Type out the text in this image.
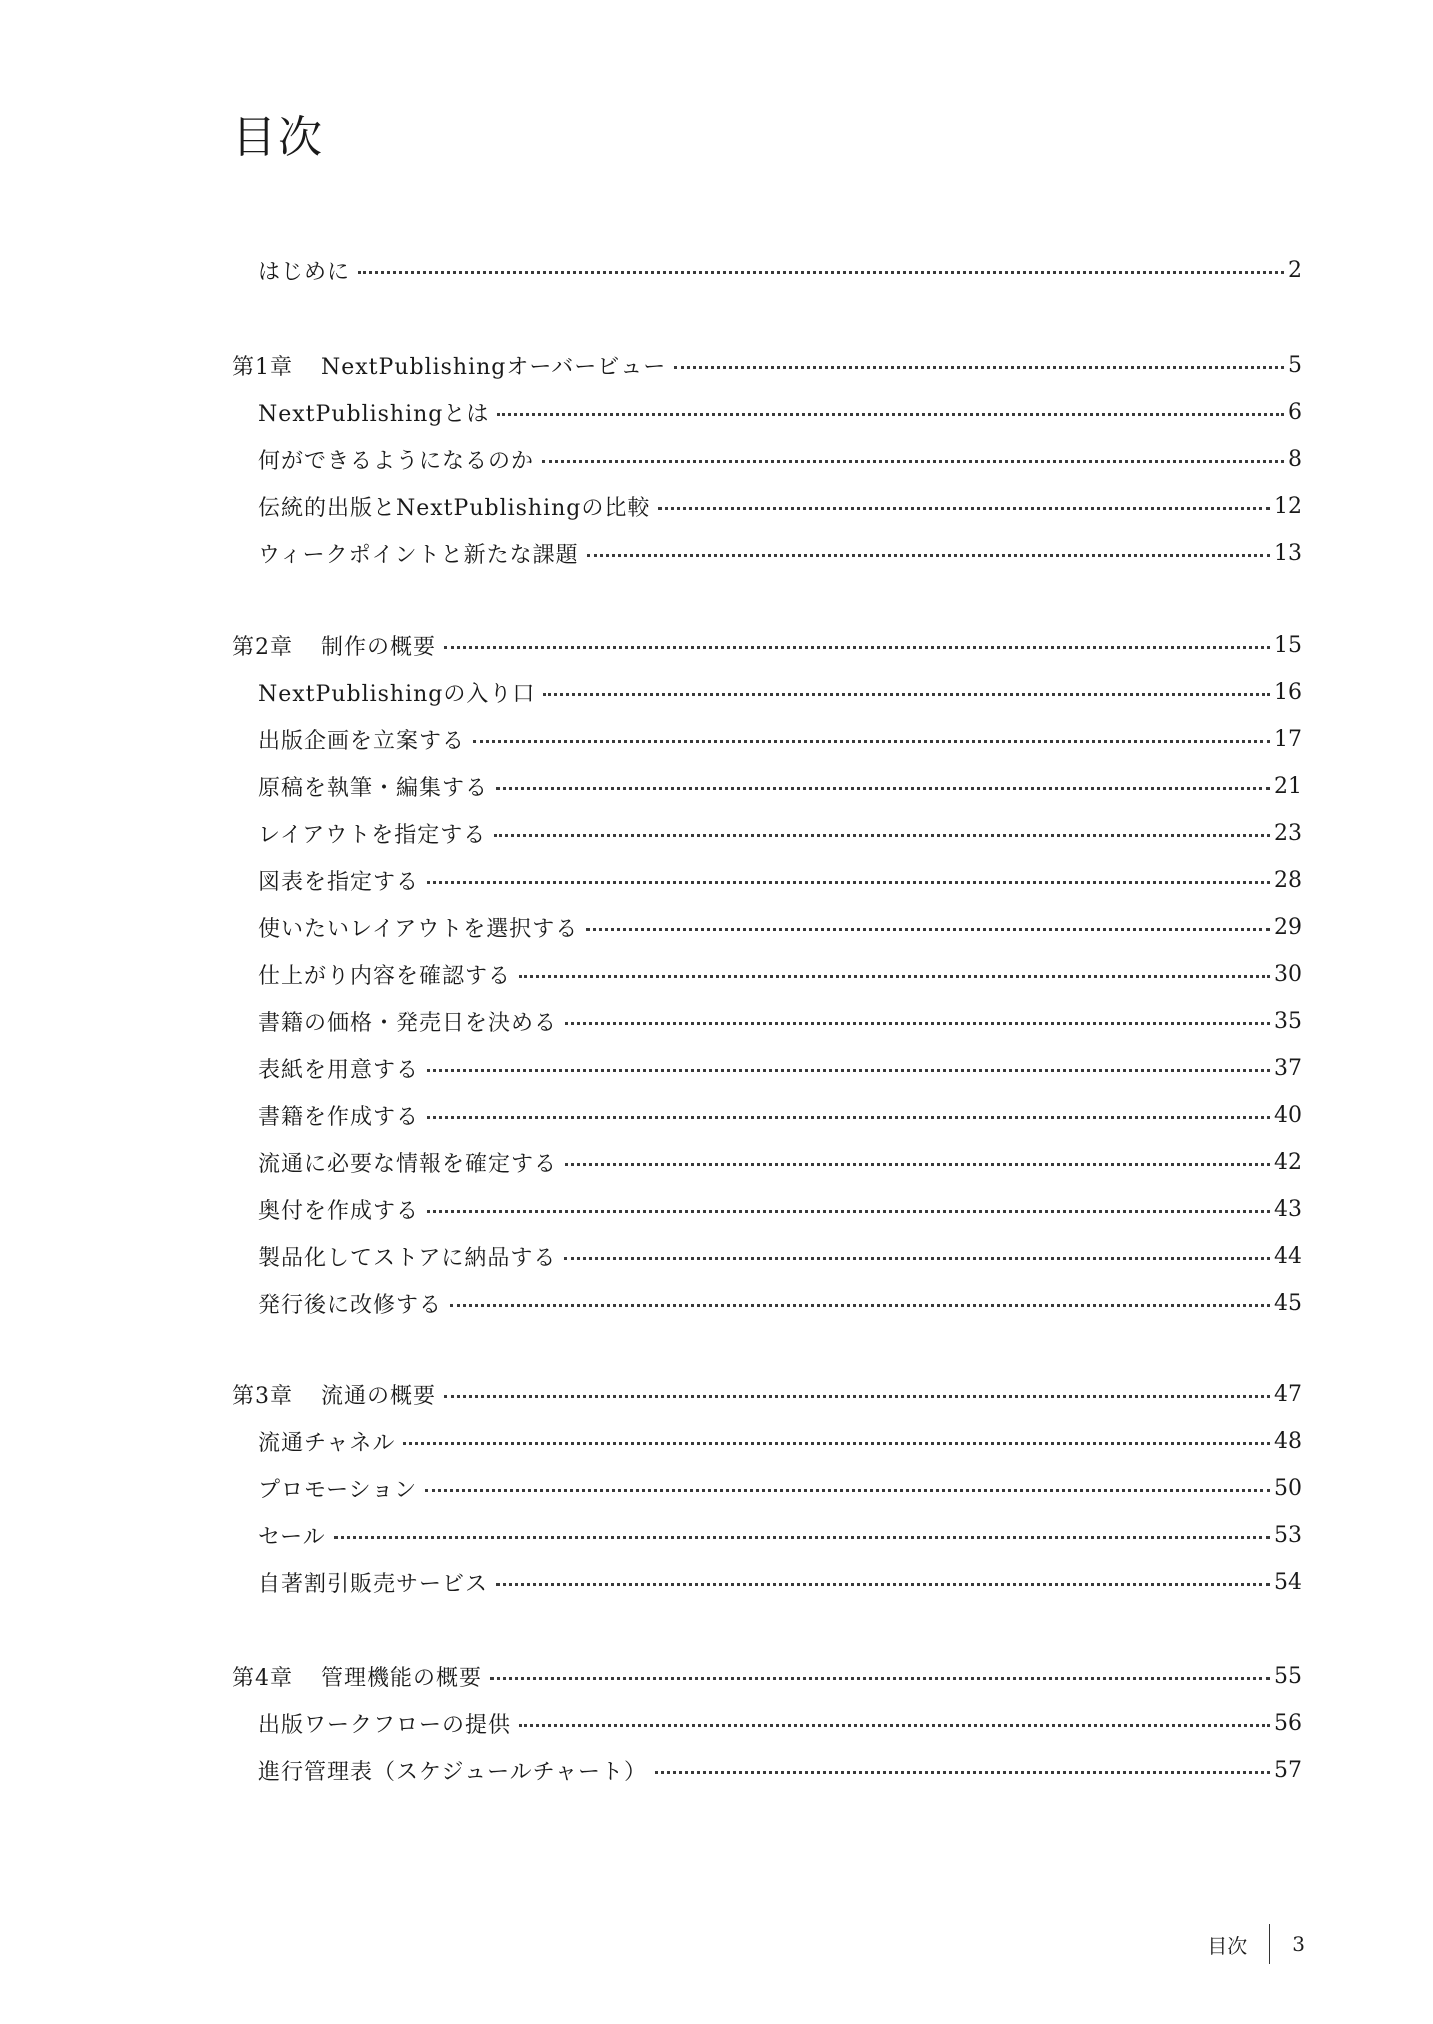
目次
はじめに	2
第1章 NextPublishingオーバービュー	5
NextPublishingとは	6
何ができるようになるのか	8
伝統的出版とNextPublishingの比較	12
ウィークポイントと新たな課題	13
第2章 制作の概要	15
NextPublishingの入り口	16
出版企画を立案する	17
原稿を執筆・編集する	21
レイアウトを指定する	23
図表を指定する	28
使いたいレイアウトを選択する	29
仕上がり内容を確認する	30
書籍の価格・発売日を決める	35
表紙を用意する	37
書籍を作成する	40
流通に必要な情報を確定する	42
奥付を作成する	43
製品化してストアに納品する	44
発行後に改修する	45
第3章 流通の概要	47
流通チャネル	48
プロモーション	50
セール	53
自著割引販売サービス	54
第4章 管理機能の概要	55
出版ワークフローの提供	56
進行管理表（スケジュールチャート）	57
目次 3
